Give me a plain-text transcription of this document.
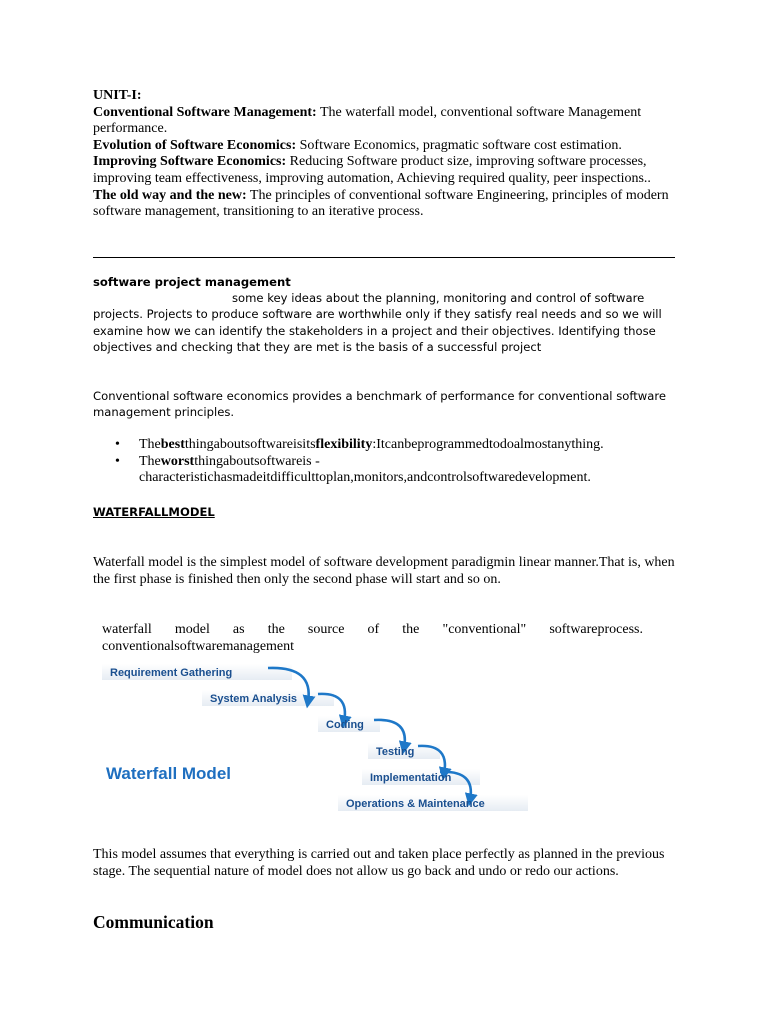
UNIT-I:

Conventional Software Management: The waterfall model, conventional software Management performance.

Evolution of Software Economics: Software Economics, pragmatic software cost estimation.

Improving Software Economics: Reducing Software product size, improving software processes, improving team effectiveness, improving automation, Achieving required quality, peer inspections..

The old way and the new: The principles of conventional software Engineering, principles of modern software management, transitioning to an iterative process.

software project management
some key ideas about the planning, monitoring and control of software
projects. Projects to produce software are worthwhile only if they satisfy real needs and so we will examine how we can identify the stakeholders in a project and their objectives. Identifying those objectives and checking that they are met is the basis of a successful project
Conventional software economics provides a benchmark of performance for conventional software management principles.
• Thebestthingaboutsoftwareisitsflexibility:Itcanbeprogrammedtodoalmostanything.
• Theworstthingaboutsoftwareis - characteristichasmadeitdifficulttoplan,monitors,andcontrolsoftwaredevelopment.
WATERFALLMODEL
Waterfall model is the simplest model of software development paradigmin linear manner.That is, when the first phase is finished then only the second phase will start and so on.
waterfall model as the source of the "conventional" softwareprocess.
conventionalsoftwaremanagement
Requirement Gathering
System Analysis
Coding
Testing
Implementation
Operations & Maintenance
Waterfall Model
This model assumes that everything is carried out and taken place perfectly as planned in the previous stage. The sequential nature of model does not allow us go back and undo or redo our actions.
Communication
